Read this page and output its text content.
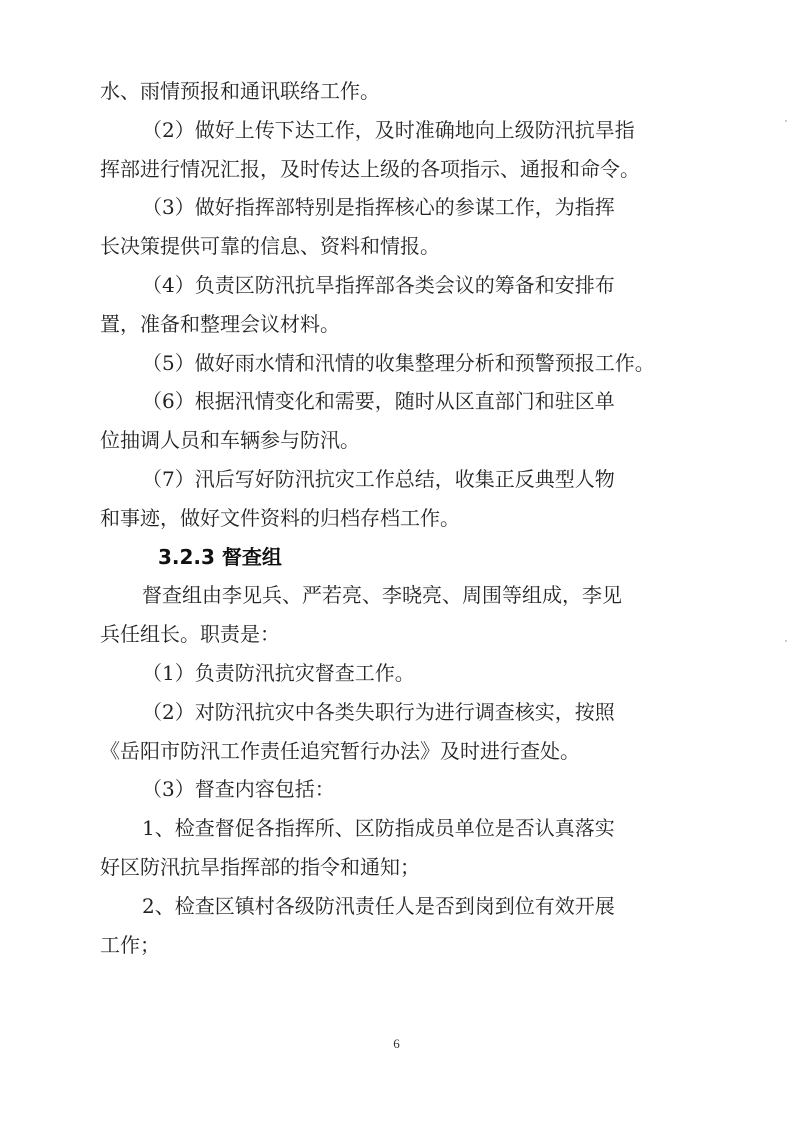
水、雨情预报和通讯联络工作。
（2）做好上传下达工作，及时准确地向上级防汛抗旱指
挥部进行情况汇报，及时传达上级的各项指示、通报和命令。
（3）做好指挥部特别是指挥核心的参谋工作，为指挥
长决策提供可靠的信息、资料和情报。
（4）负责区防汛抗旱指挥部各类会议的筹备和安排布
置，准备和整理会议材料。
（5）做好雨水情和汛情的收集整理分析和预警预报工作。
（6）根据汛情变化和需要，随时从区直部门和驻区单
位抽调人员和车辆参与防汛。
（7）汛后写好防汛抗灾工作总结，收集正反典型人物
和事迹，做好文件资料的归档存档工作。
3.2.3 督查组
督查组由李见兵、严若亮、李晓亮、周围等组成，李见
兵任组长。职责是：
（1）负责防汛抗灾督查工作。
（2）对防汛抗灾中各类失职行为进行调查核实，按照
《岳阳市防汛工作责任追究暂行办法》及时进行查处。
（3）督查内容包括：
1、检查督促各指挥所、区防指成员单位是否认真落实
好区防汛抗旱指挥部的指令和通知；
2、检查区镇村各级防汛责任人是否到岗到位有效开展
工作；
6
